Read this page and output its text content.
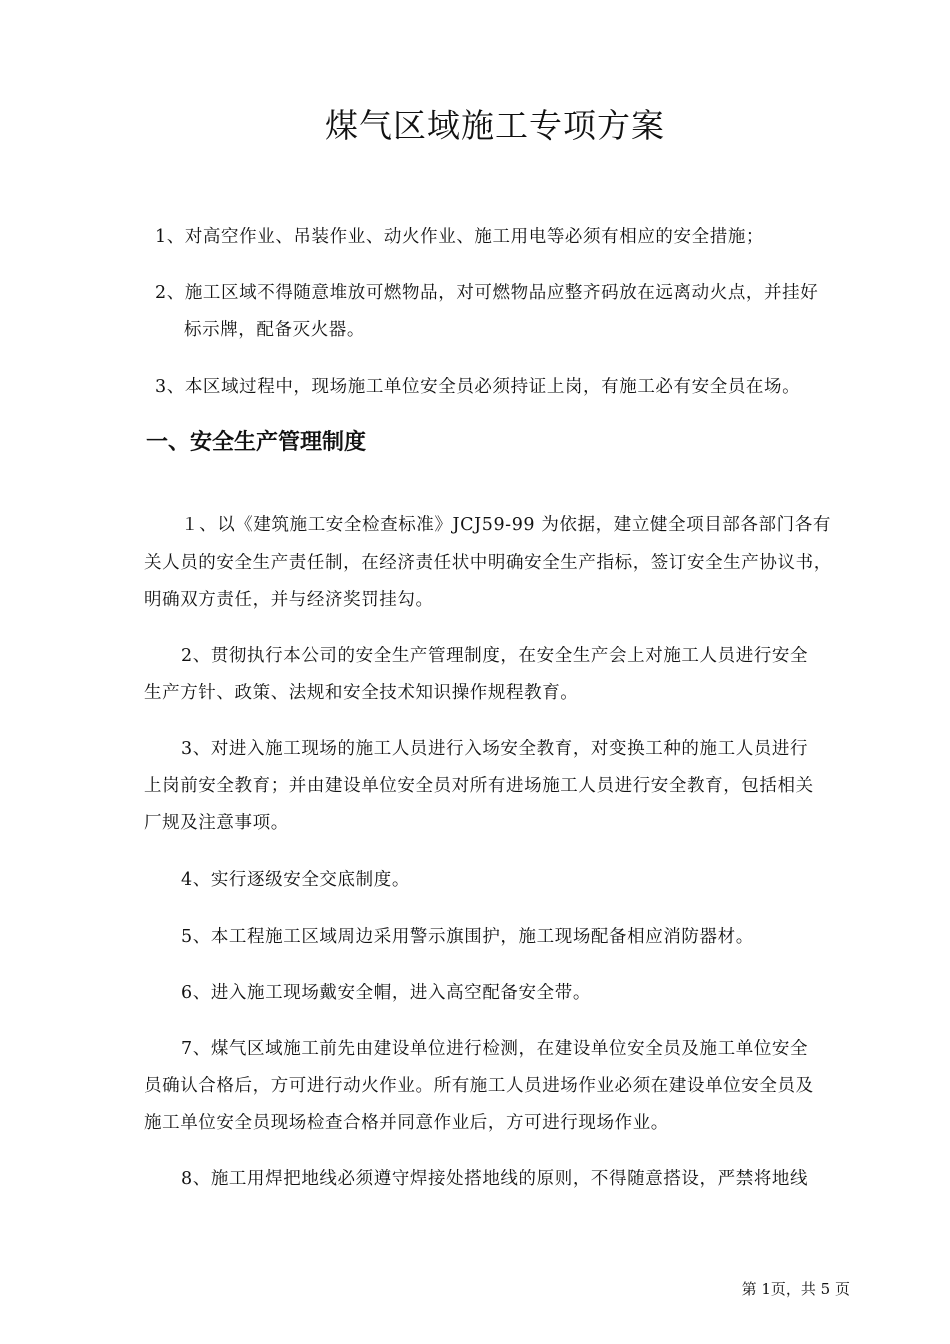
煤气区域施工专项方案
1、对高空作业、吊装作业、动火作业、施工用电等必须有相应的安全措施；
2、施工区域不得随意堆放可燃物品，对可燃物品应整齐码放在远离动火点，并挂好
标示牌，配备灭火器。
3、本区域过程中，现场施工单位安全员必须持证上岗，有施工必有安全员在场。
一、安全生产管理制度
１、以《建筑施工安全检查标准》JCJ59-99 为依据，建立健全项目部各部门各有
关人员的安全生产责任制，在经济责任状中明确安全生产指标，签订安全生产协议书，
明确双方责任，并与经济奖罚挂勾。
2、贯彻执行本公司的安全生产管理制度，在安全生产会上对施工人员进行安全
生产方针、政策、法规和安全技术知识操作规程教育。
3、对进入施工现场的施工人员进行入场安全教育，对变换工种的施工人员进行
上岗前安全教育；并由建设单位安全员对所有进场施工人员进行安全教育，包括相关
厂规及注意事项。
4、实行逐级安全交底制度。
5、本工程施工区域周边采用警示旗围护，施工现场配备相应消防器材。
6、进入施工现场戴安全帽，进入高空配备安全带。
7、煤气区域施工前先由建设单位进行检测，在建设单位安全员及施工单位安全
员确认合格后，方可进行动火作业。所有施工人员进场作业必须在建设单位安全员及
施工单位安全员现场检查合格并同意作业后，方可进行现场作业。
8、施工用焊把地线必须遵守焊接处搭地线的原则，不得随意搭设，严禁将地线
第 1页，共 5 页
